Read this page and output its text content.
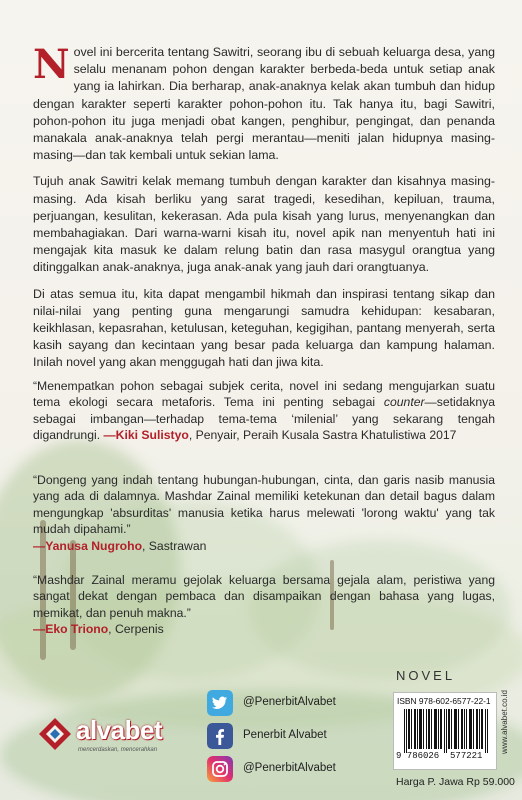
Novel ini bercerita tentang Sawitri, seorang ibu di sebuah keluarga desa, yang selalu menanam pohon dengan karakter berbeda-beda untuk setiap anak yang ia lahirkan. Dia berharap, anak-anaknya kelak akan tumbuh dan hidup dengan karakter seperti karakter pohon-pohon itu. Tak hanya itu, bagi Sawitri, pohon-pohon itu juga menjadi obat kangen, penghibur, pengingat, dan penanda manakala anak-anaknya telah pergi merantau—meniti jalan hidupnya masing-masing—dan tak kembali untuk sekian lama.

Tujuh anak Sawitri kelak memang tumbuh dengan karakter dan kisahnya masing-masing. Ada kisah berliku yang sarat tragedi, kesedihan, kepiluan, trauma, perjuangan, kesulitan, kekerasan. Ada pula kisah yang lurus, menyenangkan dan membahagiakan. Dari warna-warni kisah itu, novel apik nan menyentuh hati ini mengajak kita masuk ke dalam relung batin dan rasa masygul orangtua yang ditinggalkan anak-anaknya, juga anak-anak yang jauh dari orangtuanya.

Di atas semua itu, kita dapat mengambil hikmah dan inspirasi tentang sikap dan nilai-nilai yang penting guna mengarungi samudra kehidupan: kesabaran, keikhlasan, kepasrahan, ketulusan, keteguhan, kegigihan, pantang menyerah, serta kasih sayang dan kecintaan yang besar pada keluarga dan kampung halaman. Inilah novel yang akan menggugah hati dan jiwa kita.

“Menempatkan pohon sebagai subjek cerita, novel ini sedang mengujarkan suatu tema ekologi secara metaforis. Tema ini penting sebagai counter—setidaknya sebagai imbangan—terhadap tema-tema ‘milenial’ yang sekarang tengah digandrungi. —Kiki Sulistyo, Penyair, Peraih Kusala Sastra Khatulistiwa 2017
“Dongeng yang indah tentang hubungan-hubungan, cinta, dan garis nasib manusia yang ada di dalamnya. Mashdar Zainal memiliki ketekunan dan detail bagus dalam mengungkap 'absurditas' manusia ketika harus melewati 'lorong waktu' yang tak mudah dipahami.”
—Yanusa Nugroho, Sastrawan
“Mashdar Zainal meramu gejolak keluarga bersama gejala alam, peristiwa yang sangat dekat dengan pembaca dan disampaikan dengan bahasa yang lugas, memikat, dan penuh makna.”
—Eko Triono, Cerpenis
alvabet
mencerdaskan, mencerahkan
@PenerbitAlvabet
Penerbit Alvabet
@PenerbitAlvabet
NOVEL
ISBN 978-602-6577-22-1
9 786026 577221
Harga P. Jawa Rp 59.000
www.alvabet.co.id
